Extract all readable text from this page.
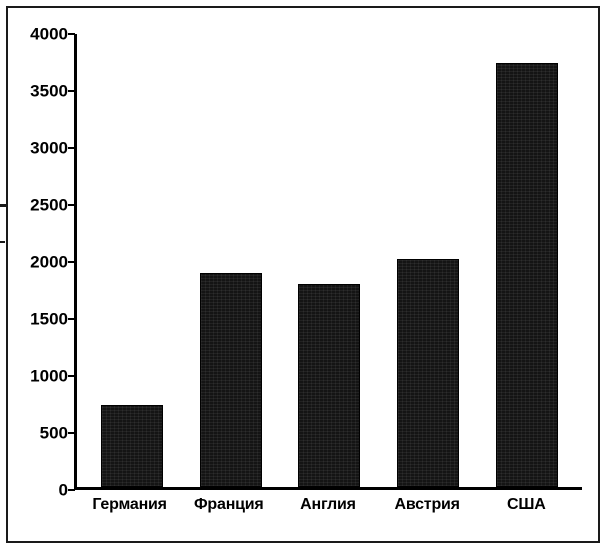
4000
3500
3000
2500
2000
1500
1000
500
0
Германия	Франция	Англия	Австрия	США
